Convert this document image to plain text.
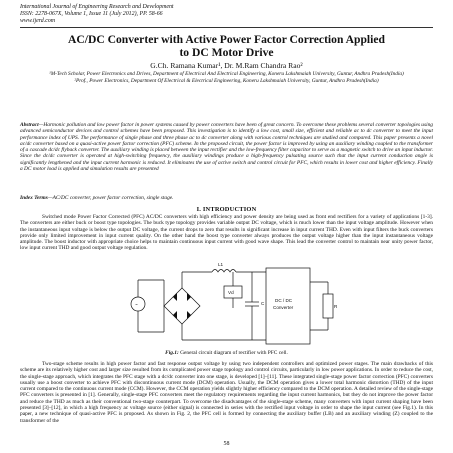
International Journal of Engineering Research and Development
ISSN: 2278-067X, Volume 1, Issue 11 (July 2012), PP. 58-66
www.ijerd.com
AC/DC Converter with Active Power Factor Correction Applied
to DC Motor Drive
G.Ch. Ramana Kumar¹, Dr. M.Ram Chandra Rao²
¹M-Tech Scholar, Power Electronics and Drives, Department of Electrical And Electrical Engineering, Koneru Lakshmaiah University, Guntur, Andhra Pradesh(India)
²Prof., Power Electronics, Department Of Electrical & Electrical Engineering, Koneru Lakshmaiah University, Guntur, Andhra Pradesh(India)
Abstract—Harmonic pollution and low power factor in power systems caused by power converters have been of great concern. To overcome these problems several converter topologies using advanced semiconductor devices and control schemes have been proposed. This investigation is to identify a low cost, small size, efficient and reliable ac to dc converter to meet the input performance index of UPS. The performance of single phase and three phase ac to dc converter along with various control techniques are studied and compared. This paper presents a novel ac/dc converter based on a quasi-active power factor correction (PFC) scheme. In the proposed circuit, the power factor is improved by using an auxiliary winding coupled to the transformer of a cascade dc/dc flyback converter. The auxiliary winding is placed between the input rectifier and the low-frequency filter capacitor to serve as a magnetic switch to drive an input inductor. Since the dc/dc converter is operated at high-switching frequency, the auxiliary windings produce a high-frequency pulsating source such that the input current conduction angle is significantly lengthened and the input current harmonic is reduced. It eliminates the use of active switch and control circuit for PFC, which results in lower cost and higher efficiency. Finally a DC motor load is applied and simulation results are presented
Index Terms—AC/DC converter, power factor correction, single stage.
I. INTRODUCTION
Switched mode Power Factor Corrected (PFC) AC/DC converters with high efficiency and power density are being used as front end rectifiers for a variety of applications [1-3]. The converters are either buck or boost type topologies. The buck type topology provides variable output DC voltage, which is much lower than the input voltage amplitude. However when the instantaneous input voltage is below the output DC voltage, the current drops to zero that results in significant increase in input current THD. Even with input filters the buck converters provide only limited improvement in input current quality. On the other hand the boost type converter always produces the output voltage higher than the input instantaneous voltage amplitude. The boost inductor with appropriate choice helps to maintain continuous input current with good wave shape. This lead the converter control to maintain near unity power factor, low input current THD and good output voltage regulation.
L1
Vd
C
DC / DC
Converter	R
~
Fig.1: General circuit diagram of rectifier with PFC cell.
Two-stage scheme results in high power factor and fast response output voltage by using two independent controllers and optimized power stages. The main drawbacks of this scheme are its relatively higher cost and larger size resulted from its complicated power stage topology and control circuits, particularly in low power applications. In order to reduce the cost, the single-stage approach, which integrates the PFC stage with a dc/dc converter into one stage, is developed [1]–[11]. These integrated single-stage power factor correction (PFC) converters usually use a boost converter to achieve PFC with discontinuous current mode (DCM) operation. Usually, the DCM operation gives a lower total harmonic distortion (THD) of the input current compared to the continuous current mode (CCM). However, the CCM operation yields slightly higher efficiency compared to the DCM operation. A detailed review of the single-stage PFC converters is presented in [1]. Generally, single-stage PFC converters meet the regulatory requirements regarding the input current harmonics, but they do not improve the power factor and reduce the THD as much as their conventional two-stage counterpart. To overcome the disadvantages of the single-stage scheme, many converters with input current shaping have been presented [3]–[12], in which a high frequency ac voltage source (either signal) is connected in series with the rectified input voltage in order to shape the input current (see Fig.1). In this paper, a new technique of quasi-active PFC is proposed. As shown in Fig. 2, the PFC cell is formed by connecting the auxiliary buffer (LB) and an auxiliary winding (Z) coupled to the transformer of the
58
